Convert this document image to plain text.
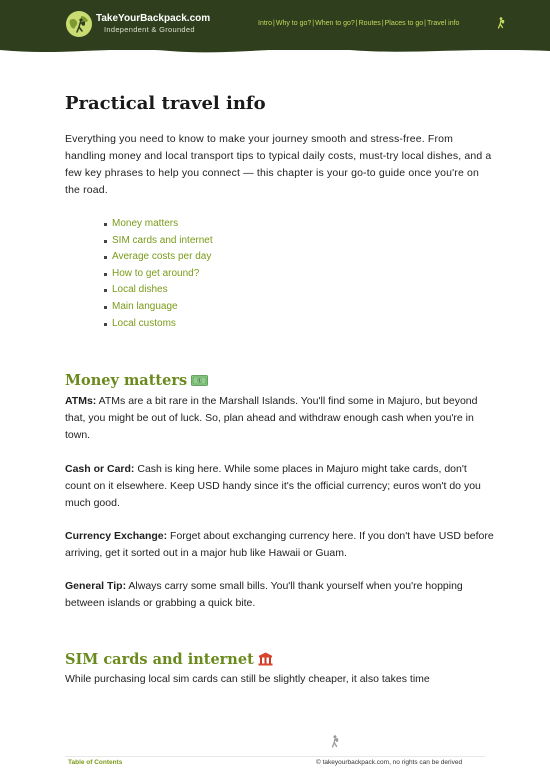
TakeYourBackpack.com
Independent & Grounded
Intro|Why to go?|When to go?|Routes|Places to go|Travel info
Practical travel info

Everything you need to know to make your journey smooth and stress-free. From handling money and local transport tips to typical daily costs, must-try local dishes, and a few key phrases to help you connect — this chapter is your go-to guide once you're on the road.

Money matters
SIM cards and internet
Average costs per day
How to get around?
Local dishes
Main language
Local customs
Money matters $

ATMs: ATMs are a bit rare in the Marshall Islands. You'll find some in Majuro, but beyond that, you might be out of luck. So, plan ahead and withdraw enough cash when you're in town.

Cash or Card: Cash is king here. While some places in Majuro might take cards, don't count on it elsewhere. Keep USD handy since it's the official currency; euros won't do you much good.

Currency Exchange: Forget about exchanging currency here. If you don't have USD before arriving, get it sorted out in a major hub like Hawaii or Guam.

General Tip: Always carry some small bills. You'll thank yourself when you're hopping between islands or grabbing a quick bite.

SIM cards and internet

While purchasing local sim cards can still be slightly cheaper, it also takes time

Table of Contents	© takeyourbackpack.com, no rights can be derived
